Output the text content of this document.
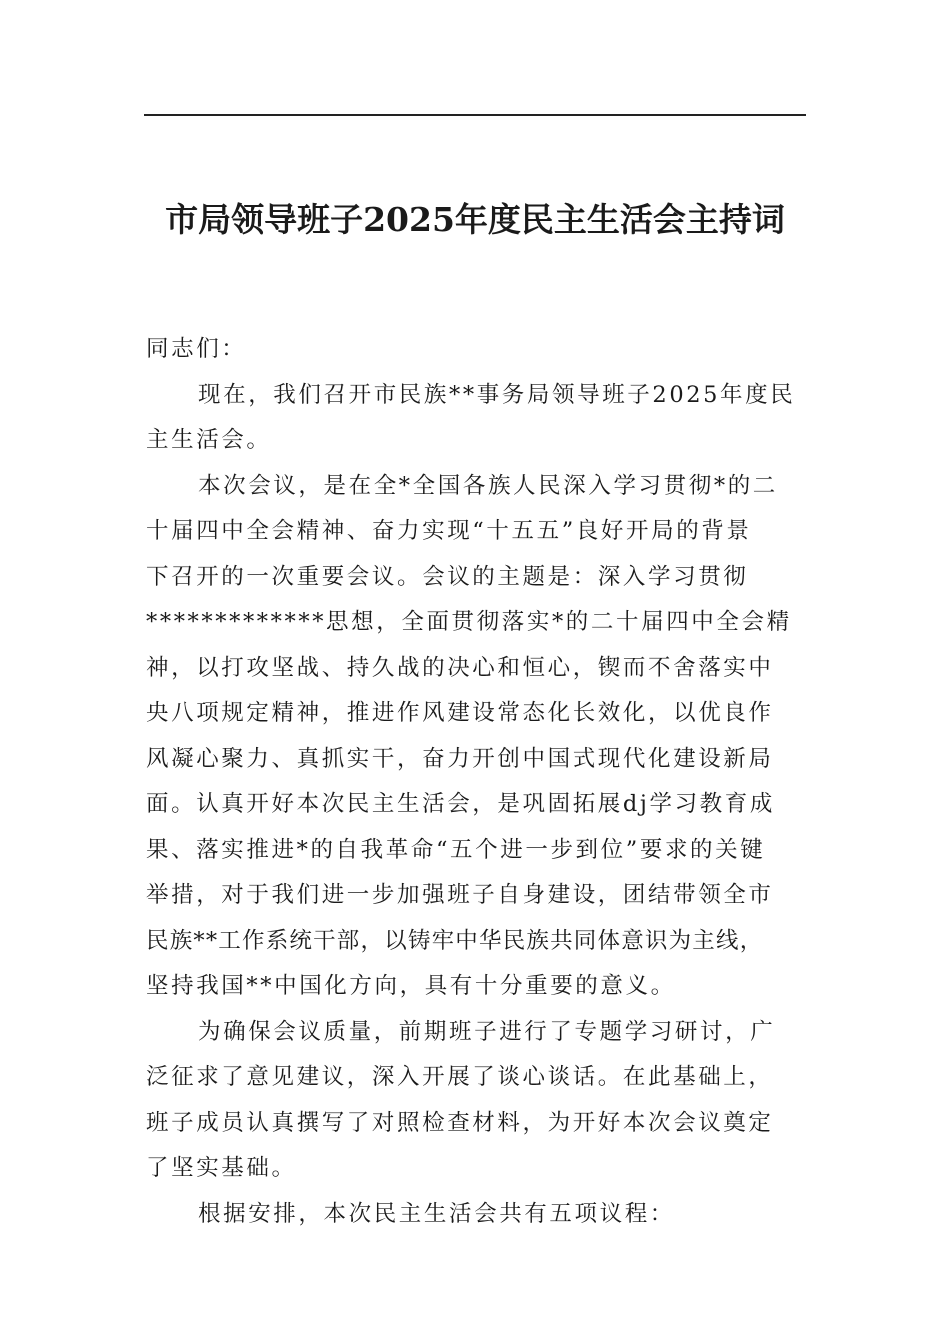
市局领导班子2025年度民主生活会主持词
同志们：
现在，我们召开市民族**事务局领导班子2025年度民
主生活会。
本次会议，是在全*全国各族人民深入学习贯彻*的二
十届四中全会精神、奋力实现“十五五”良好开局的背景
下召开的一次重要会议。会议的主题是：深入学习贯彻
*************思想，全面贯彻落实*的二十届四中全会精
神，以打攻坚战、持久战的决心和恒心，锲而不舍落实中
央八项规定精神，推进作风建设常态化长效化，以优良作
风凝心聚力、真抓实干，奋力开创中国式现代化建设新局
面。认真开好本次民主生活会，是巩固拓展dj学习教育成
果、落实推进*的自我革命“五个进一步到位”要求的关键
举措，对于我们进一步加强班子自身建设，团结带领全市
民族**工作系统干部，以铸牢中华民族共同体意识为主线，
坚持我国**中国化方向，具有十分重要的意义。
为确保会议质量，前期班子进行了专题学习研讨，广
泛征求了意见建议，深入开展了谈心谈话。在此基础上，
班子成员认真撰写了对照检查材料，为开好本次会议奠定
了坚实基础。
根据安排，本次民主生活会共有五项议程：
